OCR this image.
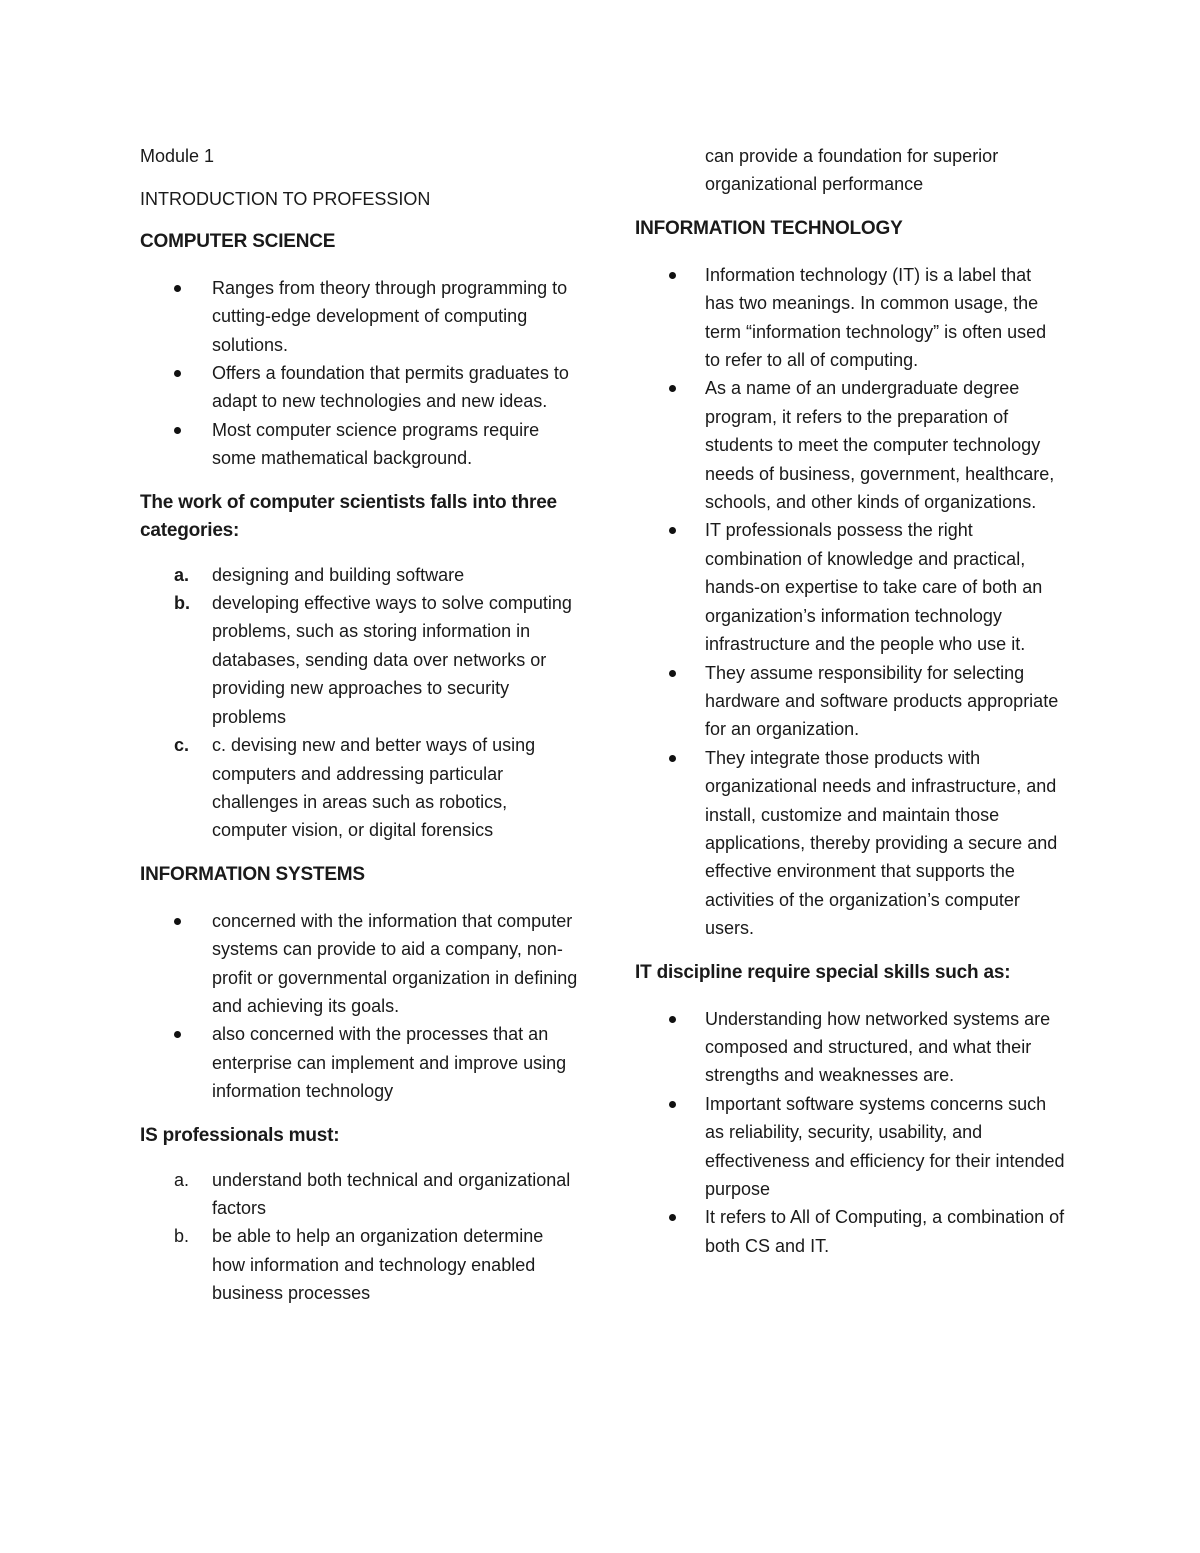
Module 1

INTRODUCTION TO PROFESSION

COMPUTER SCIENCE
Ranges from theory through programming to cutting-edge development of computing solutions.
Offers a foundation that permits graduates to adapt to new technologies and new ideas.
Most computer science programs require some mathematical background.
The work of computer scientists falls into three categories:
a. designing and building software
b. developing effective ways to solve computing problems, such as storing information in databases, sending data over networks or providing new approaches to security problems
c. c. devising new and better ways of using computers and addressing particular challenges in areas such as robotics, computer vision, or digital forensics
INFORMATION SYSTEMS
concerned with the information that computer systems can provide to aid a company, non-profit or governmental organization in defining and achieving its goals.
also concerned with the processes that an enterprise can implement and improve using information technology
IS professionals must:
a. understand both technical and organizational factors
b. be able to help an organization determine how information and technology enabled business processes

can provide a foundation for superior organizational performance

INFORMATION TECHNOLOGY
Information technology (IT) is a label that has two meanings. In common usage, the term “information technology” is often used to refer to all of computing.
As a name of an undergraduate degree program, it refers to the preparation of students to meet the computer technology needs of business, government, healthcare, schools, and other kinds of organizations.
IT professionals possess the right combination of knowledge and practical, hands-on expertise to take care of both an organization’s information technology infrastructure and the people who use it.
They assume responsibility for selecting hardware and software products appropriate for an organization.
They integrate those products with organizational needs and infrastructure, and install, customize and maintain those applications, thereby providing a secure and effective environment that supports the activities of the organization’s computer users.
IT discipline require special skills such as:
Understanding how networked systems are composed and structured, and what their strengths and weaknesses are.
Important software systems concerns such as reliability, security, usability, and effectiveness and efficiency for their intended purpose
It refers to All of Computing, a combination of both CS and IT.
